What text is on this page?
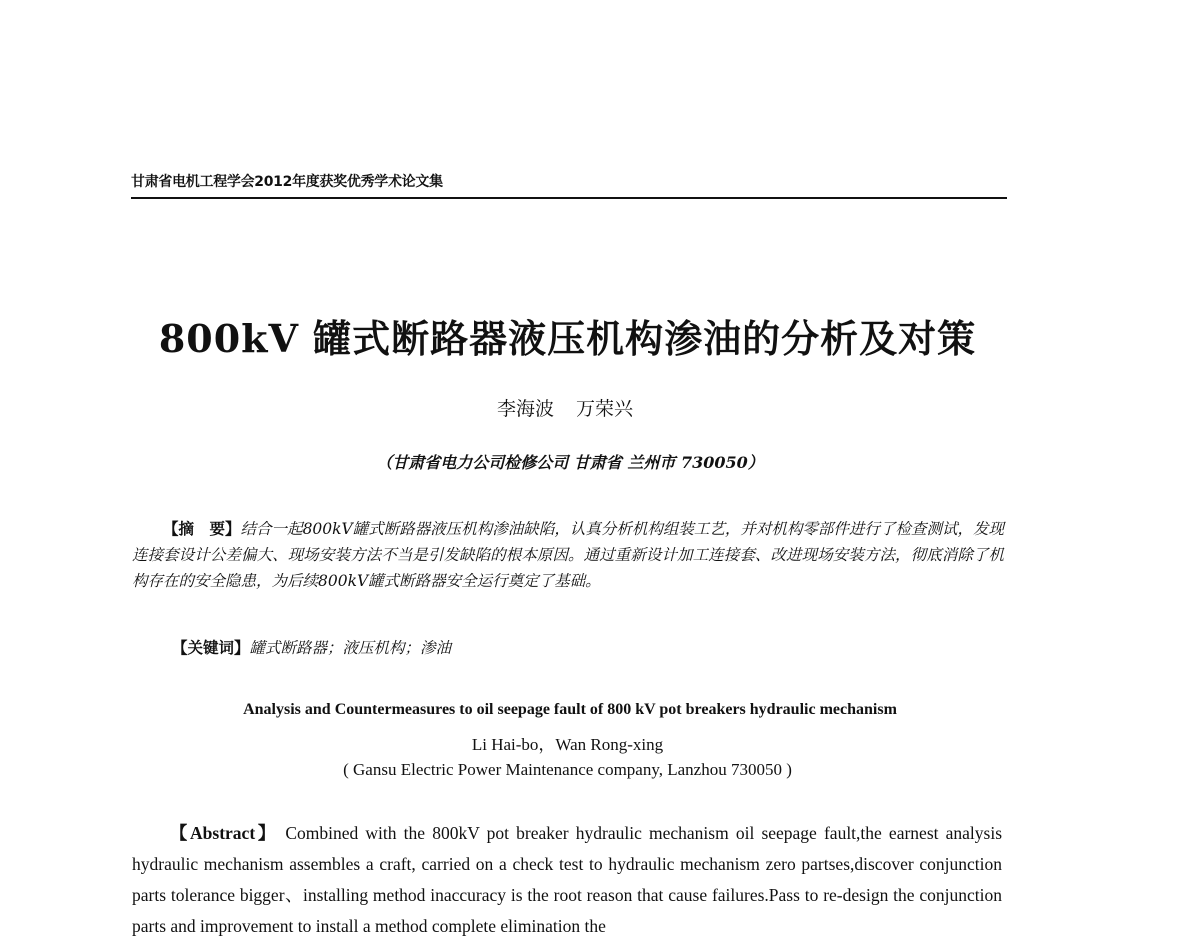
甘肃省电机工程学会2012年度获奖优秀学术论文集
800kV 罐式断路器液压机构渗油的分析及对策
李海波 万荣兴
（甘肃省电力公司检修公司 甘肃省 兰州市 730050）
  【摘　要】结合一起800kV罐式断路器液压机构渗油缺陷，认真分析机构组装工艺，并对机构零部件进行了检查测试，发现连接套设计公差偏大、现场安装方法不当是引发缺陷的根本原因。通过重新设计加工连接套、改进现场安装方法，彻底消除了机构存在的安全隐患，为后续800kV罐式断路器安全运行奠定了基础。
【关键词】罐式断路器；液压机构；渗油
Analysis and Countermeasures to oil seepage fault of 800 kV pot breakers hydraulic mechanism
Li Hai-bo，Wan Rong-xing
( Gansu Electric Power Maintenance company, Lanzhou 730050 )
  【Abstract】 Combined with the 800kV pot breaker hydraulic mechanism oil seepage fault,the earnest analysis hydraulic mechanism assembles a craft, carried on a check test to hydraulic mechanism zero partses,discover conjunction parts tolerance bigger、installing method inaccuracy is the root reason that cause failures.Pass to re-design the conjunction parts and improvement to install a method complete elimination the
